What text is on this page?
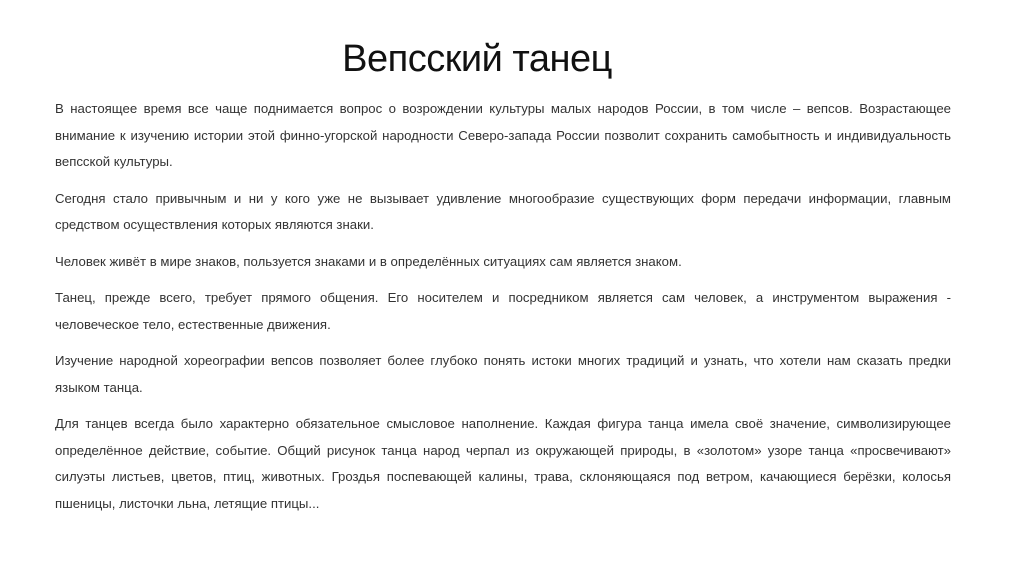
Вепсский танец

В настоящее время все чаще поднимается вопрос о возрождении культуры малых народов России, в том числе – вепсов. Возрастающее внимание к изучению истории этой финно-угорской народности Северо-запада России позволит сохранить самобытность и индивидуальность вепсской культуры.

Сегодня стало привычным и ни у кого уже не вызывает удивление многообразие существующих форм передачи информации, главным средством осуществления которых являются знаки.

Человек живёт в мире знаков, пользуется знаками и в определённых ситуациях сам является знаком.

Танец, прежде всего, требует прямого общения. Его носителем и посредником является сам человек, а инструментом выражения - человеческое тело, естественные движения.

Изучение народной хореографии вепсов позволяет более глубоко понять истоки многих традиций и узнать, что хотели нам сказать предки языком танца.

Для танцев всегда было характерно обязательное смысловое наполнение. Каждая фигура танца имела своё значение, символизирующее определённое действие, событие. Общий рисунок танца народ черпал из окружающей природы, в «золотом» узоре танца «просвечивают» силуэты листьев, цветов, птиц, животных. Гроздья поспевающей калины, трава, склоняющаяся под ветром, качающиеся берёзки, колосья пшеницы, листочки льна, летящие птицы...
